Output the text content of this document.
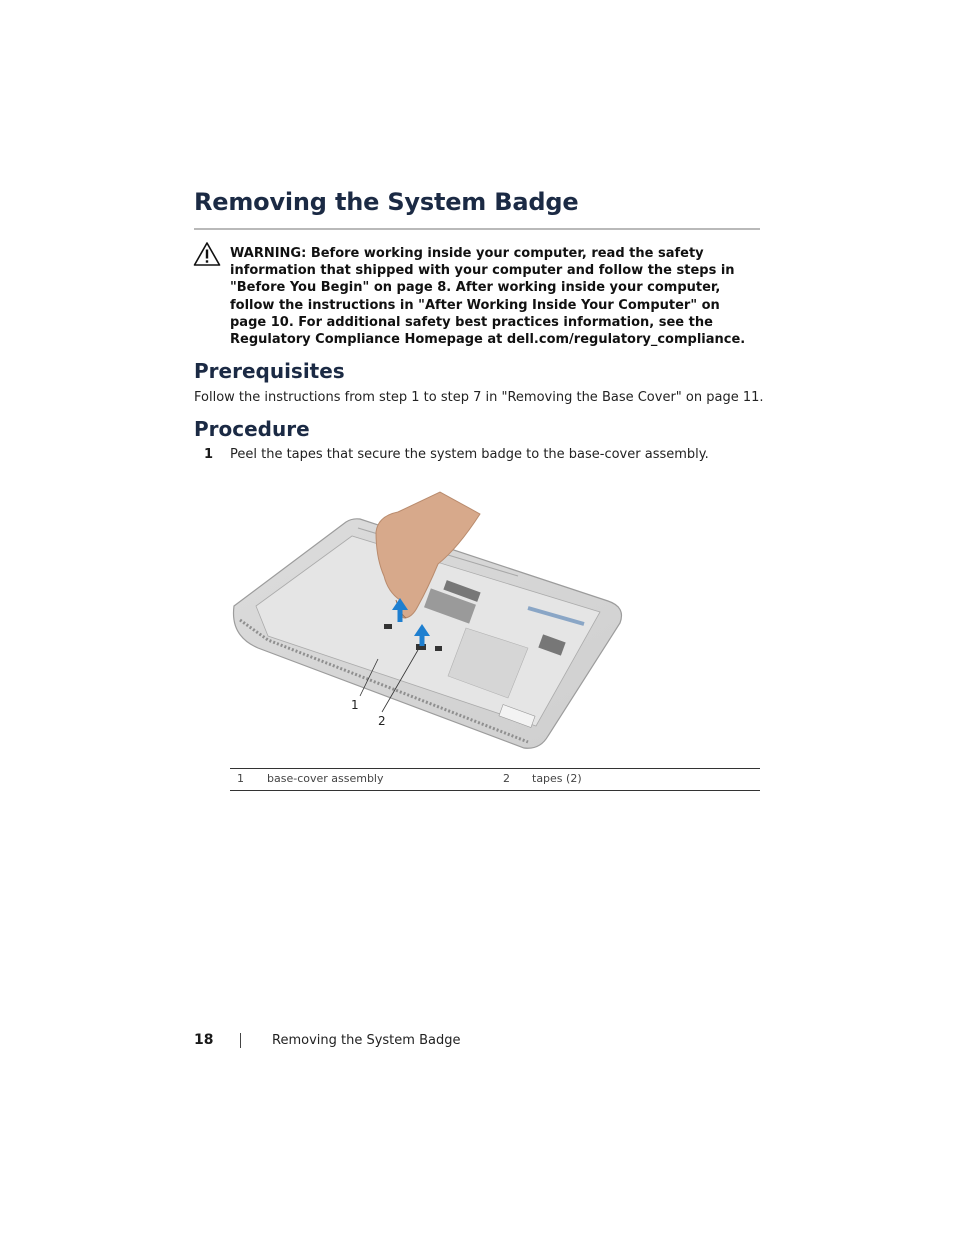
Removing the System Badge
WARNING: Before working inside your computer, read the safety information that shipped with your computer and follow the steps in "Before You Begin" on page 8. After working inside your computer, follow the instructions in "After Working Inside Your Computer" on page 10. For additional safety best practices information, see the Regulatory Compliance Homepage at dell.com/regulatory_compliance.
Prerequisites
Follow the instructions from step 1 to step 7 in "Removing the Base Cover" on page 11.
Procedure
1 Peel the tapes that secure the system badge to the base-cover assembly.
1
2
1 base-cover assembly	2 tapes (2)
18	Removing the System Badge
